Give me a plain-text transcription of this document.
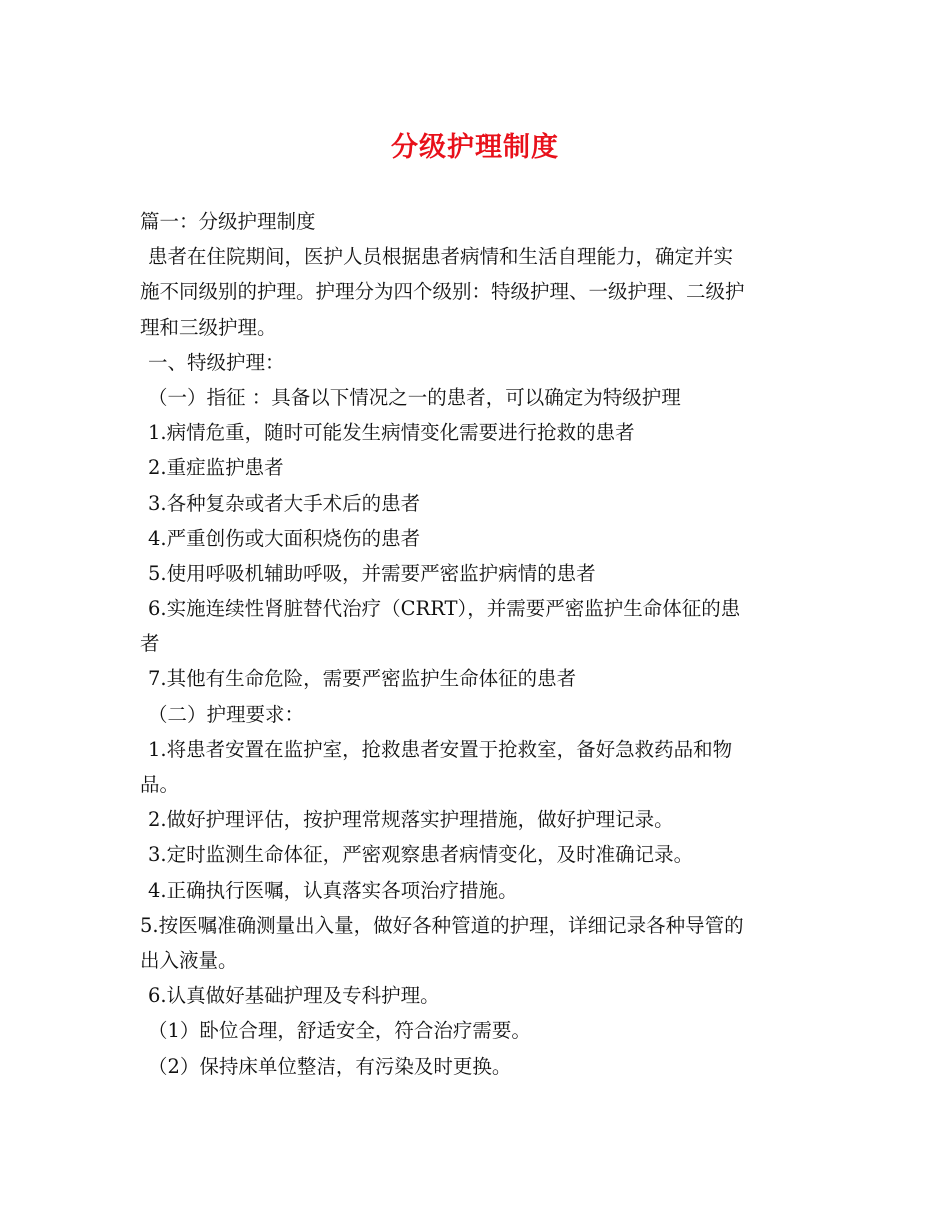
分级护理制度
篇一：分级护理制度
患者在住院期间，医护人员根据患者病情和生活自理能力，确定并实
施不同级别的护理。护理分为四个级别：特级护理、一级护理、二级护
理和三级护理。
一、特级护理：
（一）指征 ：具备以下情况之一的患者，可以确定为特级护理
1.病情危重，随时可能发生病情变化需要进行抢救的患者
2.重症监护患者
3.各种复杂或者大手术后的患者
4.严重创伤或大面积烧伤的患者
5.使用呼吸机辅助呼吸，并需要严密监护病情的患者
6.实施连续性肾脏替代治疗（CRRT），并需要严密监护生命体征的患
者
7.其他有生命危险，需要严密监护生命体征的患者
（二）护理要求：
1.将患者安置在监护室，抢救患者安置于抢救室，备好急救药品和物
品。
2.做好护理评估，按护理常规落实护理措施，做好护理记录。
3.定时监测生命体征，严密观察患者病情变化，及时准确记录。
4.正确执行医嘱，认真落实各项治疗措施。
5.按医嘱准确测量出入量，做好各种管道的护理，详细记录各种导管的
出入液量。
6.认真做好基础护理及专科护理。
（1）卧位合理，舒适安全，符合治疗需要。
（2）保持床单位整洁，有污染及时更换。
